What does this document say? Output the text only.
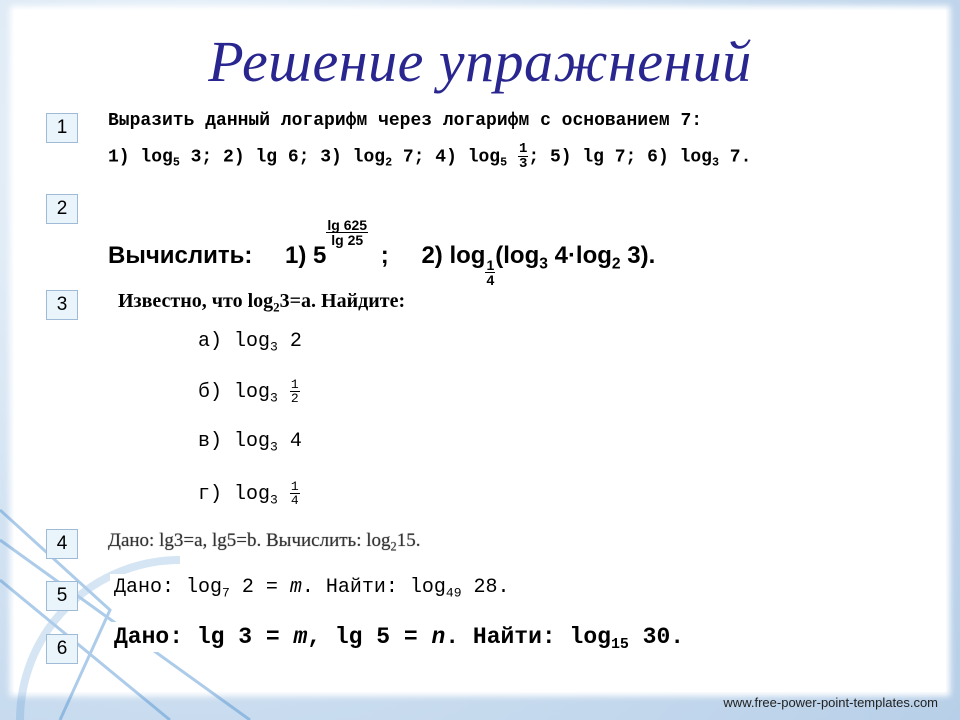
Решение упражнений
1
2
3
4
5
6
Выразить данный логарифм через логарифм с основанием 7:
1) $\log_5 3$; 2) lg 6; 3) $\log_2 7$; 4) $\log_5 \frac{1}{3}$ ; 5) lg 7; 6) $\log_3 7$.
Вычислить: 1) 5
$\frac{\lg 625}{\lg 25}$
; 2) log
$\frac{1}{4}$
($\log_3$ $4\cdot\log_2$ 3).
Известно, что $\log_23=a$. Найдите:
а) $\log_3 2$
б) $\log_3 \frac{1}{2}$
в) $\log_3 4$
г) $\log_3 \frac{1}{4}$
Дано: lg3=a, lg5=b. Вычислить: $\log_215$.
Дано: $\log_7 2 = m$. Найти: $\log_{49} 28$.
Дано: lg 3 = m, lg 5 = n. Найти: $\log_{15} 30$.
www.free-power-point-templates.com
